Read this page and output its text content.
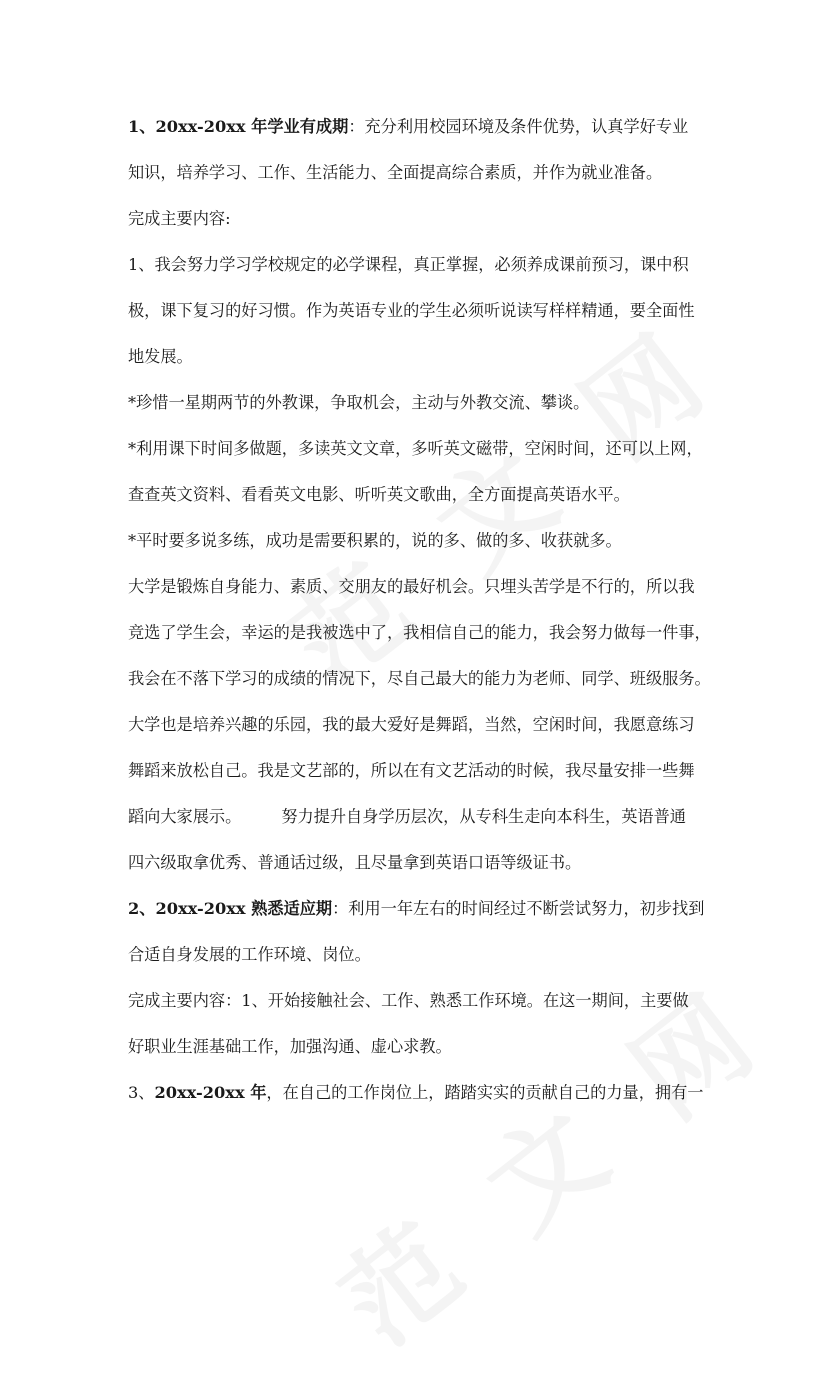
1、20xx-20xx 年学业有成期：充分利用校园环境及条件优势，认真学好专业
知识，培养学习、工作、生活能力、全面提高综合素质，并作为就业准备。
完成主要内容:
1、我会努力学习学校规定的必学课程，真正掌握，必须养成课前预习，课中积
极，课下复习的好习惯。作为英语专业的学生必须听说读写样样精通，要全面性
地发展。
*珍惜一星期两节的外教课，争取机会，主动与外教交流、攀谈。
*利用课下时间多做题，多读英文文章，多听英文磁带，空闲时间，还可以上网，
查查英文资料、看看英文电影、听听英文歌曲，全方面提高英语水平。
*平时要多说多练，成功是需要积累的，说的多、做的多、收获就多。
大学是锻炼自身能力、素质、交朋友的最好机会。只埋头苦学是不行的，所以我
竞选了学生会，幸运的是我被选中了，我相信自己的能力，我会努力做每一件事，
我会在不落下学习的成绩的情况下，尽自己最大的能力为老师、同学、班级服务。
大学也是培养兴趣的乐园，我的最大爱好是舞蹈，当然，空闲时间，我愿意练习
舞蹈来放松自己。我是文艺部的，所以在有文艺活动的时候，我尽量安排一些舞
蹈向大家展示。 努力提升自身学历层次，从专科生走向本科生，英语普通
四六级取拿优秀、普通话过级，且尽量拿到英语口语等级证书。
2、20xx-20xx 熟悉适应期：利用一年左右的时间经过不断尝试努力，初步找到
合适自身发展的工作环境、岗位。
完成主要内容：1、开始接触社会、工作、熟悉工作环境。在这一期间，主要做
好职业生涯基础工作，加强沟通、虚心求教。
3、20xx-20xx 年，在自己的工作岗位上，踏踏实实的贡献自己的力量，拥有一
